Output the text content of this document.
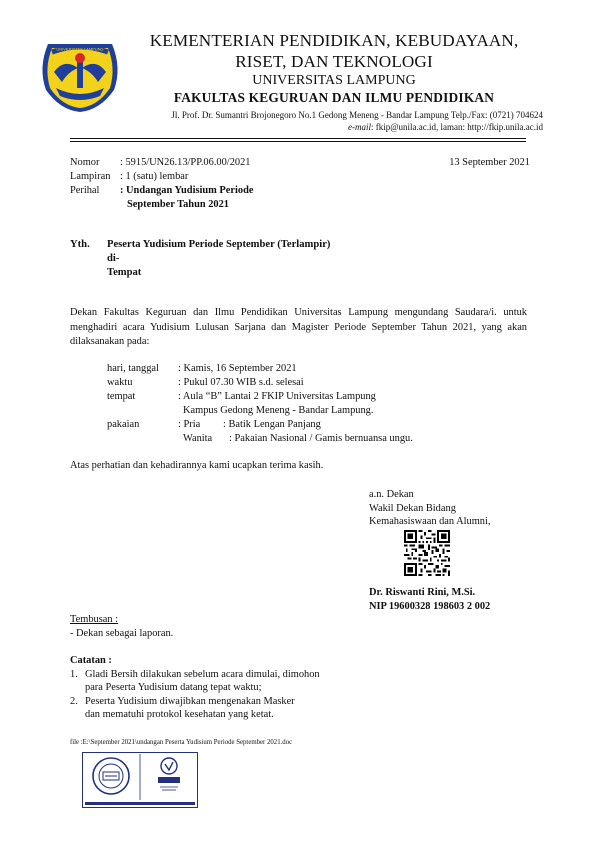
UNIVERSITAS LAMPUNG	KEMENTERIAN PENDIDIKAN, KEBUDAYAAN,
RISET, DAN TEKNOLOGI
UNIVERSITAS LAMPUNG
FAKULTAS KEGURUAN DAN ILMU PENDIDIKAN
Jl. Prof. Dr. Sumantri Brojonegoro No.1 Gedong Meneng - Bandar Lampung Telp./Fax: (0721) 704624
e-mail: fkip@unila.ac.id, laman: http://fkip.unila.ac.id
13 September 2021
Nomor	: 5915/UN26.13/PP.06.00/2021
Lampiran : 1 (satu) lembar
Perihal	: Undangan Yudisium Periode
September Tahun 2021
Yth. Peserta Yudisium Periode September (Terlampir)
di-
Tempat
Dekan Fakultas Keguruan dan Ilmu Pendidikan Universitas Lampung mengundang Saudara/i. untuk menghadiri acara Yudisium Lulusan Sarjana dan Magister Periode September Tahun 2021, yang akan dilaksanakan pada:
hari, tanggal	: Kamis, 16 September 2021
waktu	: Pukul 07.30 WIB s.d. selesai
tempat	: Aula “B” Lantai 2 FKIP Universitas Lampung
Kampus Gedong Meneng - Bandar Lampung.
pakaian	: Pria	: Batik Lengan Panjang
Wanita	: Pakaian Nasional / Gamis bernuansa ungu.
Atas perhatian dan kehadirannya kami ucapkan terima kasih.
a.n. Dekan
Wakil Dekan Bidang
Kemahasiswaan dan Alumni,
Dr. Riswanti Rini, M.Si.
NIP 19600328 198603 2 002
Tembusan :
- Dekan sebagai laporan.
Catatan :
1. Gladi Bersih dilakukan sebelum acara dimulai, dimohon
para Peserta Yudisium datang tepat waktu;
2. Peserta Yudisium diwajibkan mengenakan Masker
dan mematuhi protokol kesehatan yang ketat.
file :E:\September 2021\undangan Peserta Yudisium Periode September 2021.doc
